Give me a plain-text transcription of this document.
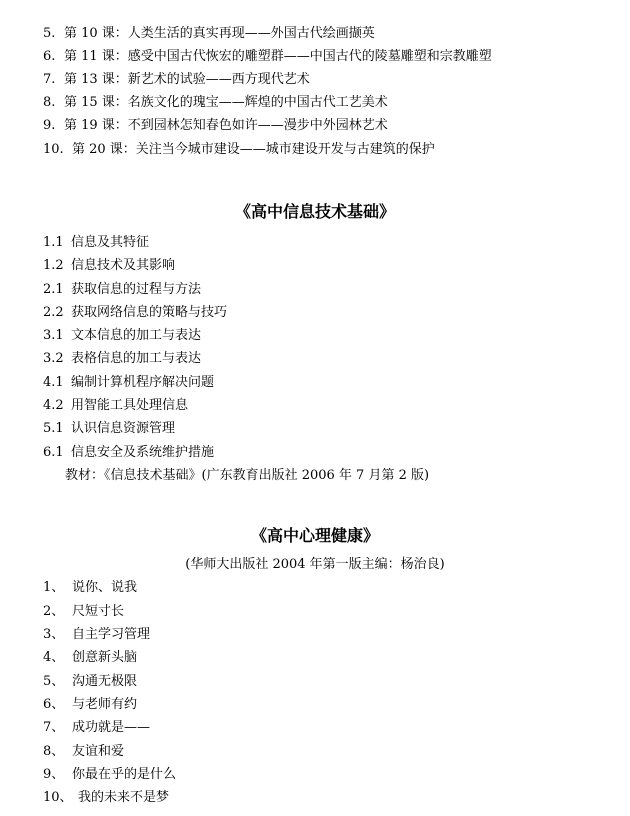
5. 第 10 课：人类生活的真实再现——外国古代绘画撷英
6. 第 11 课：感受中国古代恢宏的雕塑群——中国古代的陵墓雕塑和宗教雕塑
7. 第 13 课：新艺术的试验——西方现代艺术
8. 第 15 课：名族文化的瑰宝——辉煌的中国古代工艺美术
9. 第 19 课：不到园林怎知春色如许——漫步中外园林艺术
10. 第 20 课：关注当今城市建设——城市建设开发与古建筑的保护
《高中信息技术基础》
1.1 信息及其特征
1.2 信息技术及其影响
2.1 获取信息的过程与方法
2.2 获取网络信息的策略与技巧
3.1 文本信息的加工与表达
3.2 表格信息的加工与表达
4.1 编制计算机程序解决问题
4.2 用智能工具处理信息
5.1 认识信息资源管理
6.1 信息安全及系统维护措施
教材：《信息技术基础》(广东教育出版社 2006 年 7 月第 2 版)
《高中心理健康》
(华师大出版社 2004 年第一版主编：杨治良)
1、 说你、说我
2、 尺短寸长
3、 自主学习管理
4、 创意新头脑
5、 沟通无极限
6、 与老师有约
7、 成功就是——
8、 友谊和爱
9、 你最在乎的是什么
10、 我的未来不是梦
